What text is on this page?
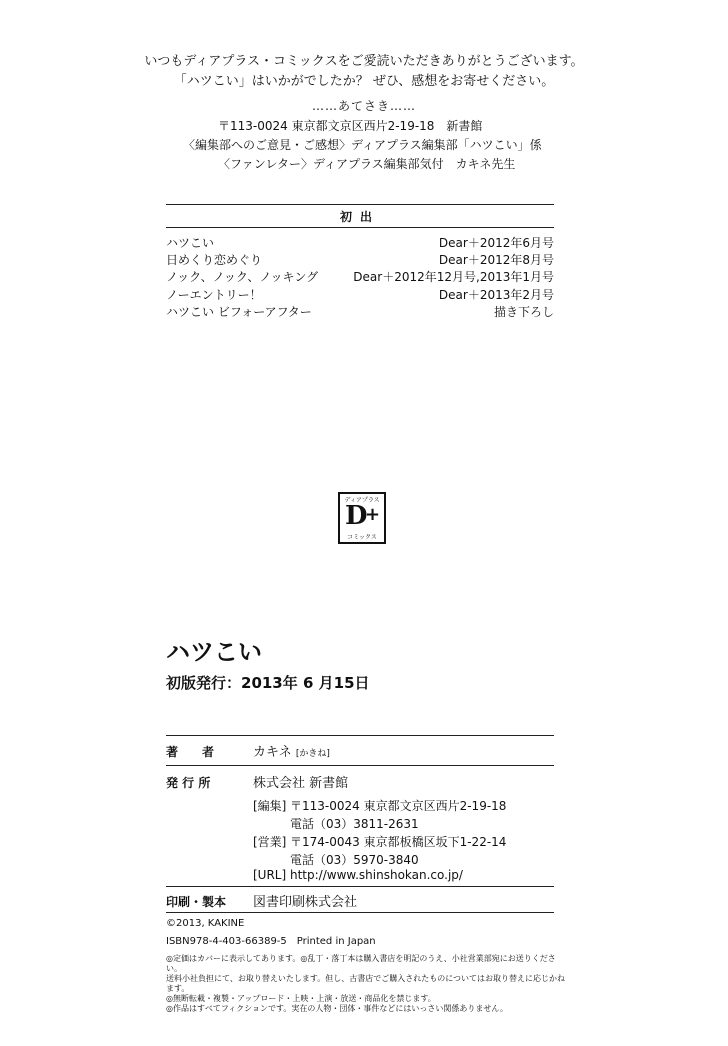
いつもディアプラス・コミックスをご愛読いただきありがとうございます。
「ハツこい」はいかがでしたか？ ぜひ、感想をお寄せください。
……あてさき……
〒113-0024 東京都文京区西片2-19-18　新書館
〈編集部へのご意見・ご感想〉ディアプラス編集部「ハツこい」係
〈ファンレター〉ディアプラス編集部気付　カキネ先生
初出
ハツこい	Dear＋2012年6月号
日めくり恋めぐり	Dear＋2012年8月号
ノック、ノック、ノッキング	Dear＋2012年12月号,2013年1月号
ノーエントリー！	Dear＋2013年2月号
ハツこい ビフォーアフター	描き下ろし
ディアプラス
D
+
コミックス
ハツこい
初版発行：2013年 6 月15日
著　　者	カキネ [かきね]
発 行 所	株式会社 新書館
[編集] 〒113-0024 東京都文京区西片2-19-18
電話（03）3811-2631
[営業] 〒174-0043 東京都板橋区坂下1-22-14
電話（03）5970-3840
[URL] http://www.shinshokan.co.jp/
印刷・製本 図書印刷株式会社
©2013, KAKINE
ISBN978-4-403-66389-5　Printed in Japan
◎定価はカバーに表示してあります。◎乱丁・落丁本は購入書店を明記のうえ、小社営業部宛にお送りください。
送料小社負担にて、お取り替えいたします。但し、古書店でご購入されたものについてはお取り替えに応じかねます。
◎無断転載・複製・アップロード・上映・上演・放送・商品化を禁じます。
◎作品はすべてフィクションです。実在の人物・団体・事件などにはいっさい関係ありません。
